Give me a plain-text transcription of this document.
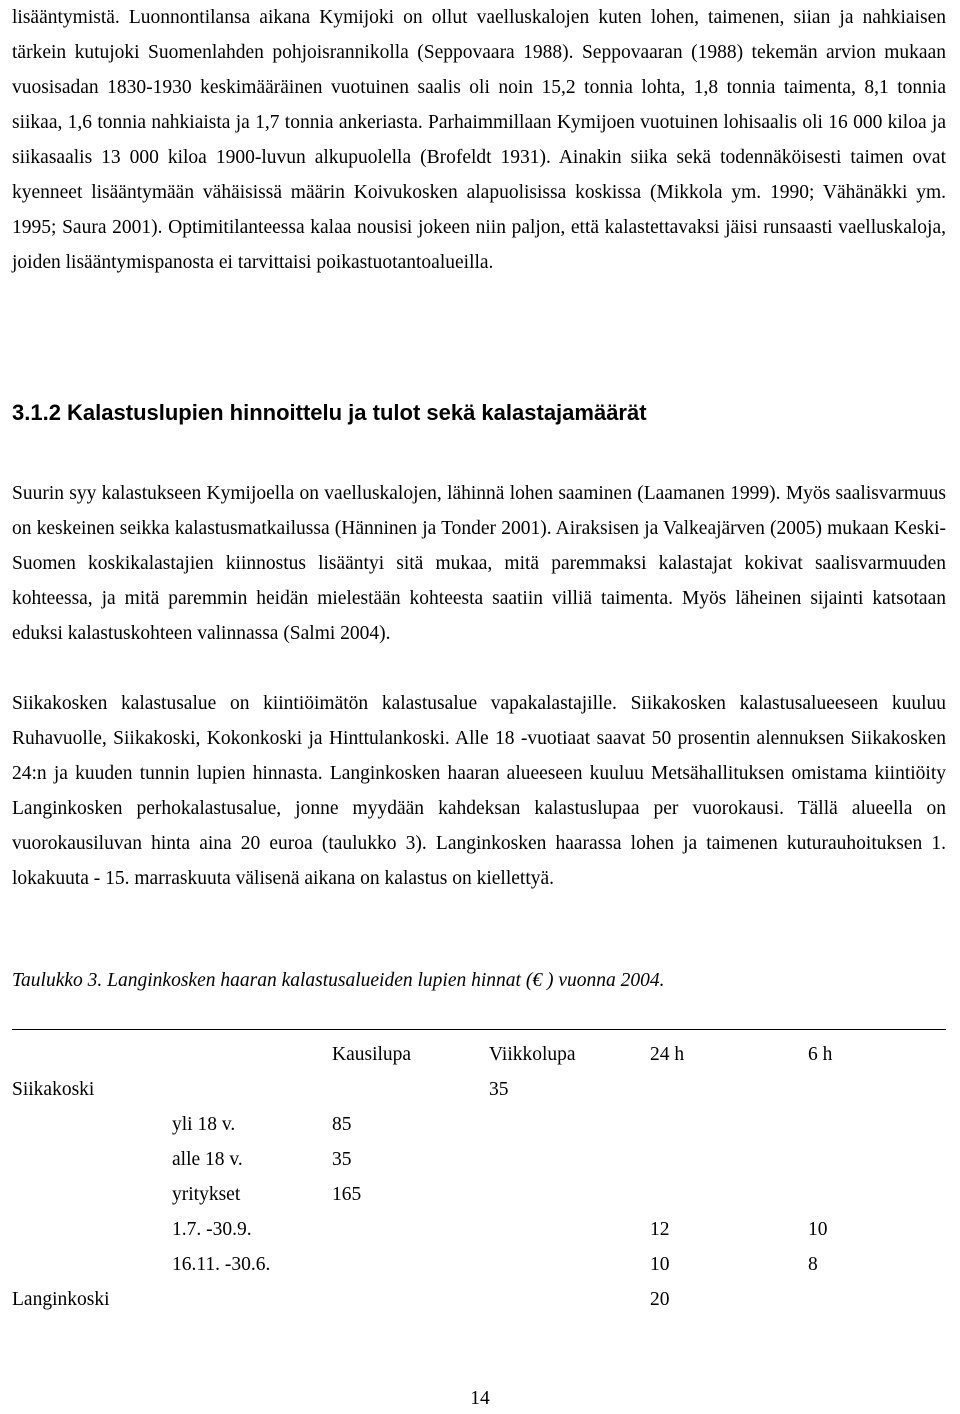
lisääntymistä. Luonnontilansa aikana Kymijoki on ollut vaelluskalojen kuten lohen, taimenen, siian ja nahkiaisen tärkein kutujoki Suomenlahden pohjoisrannikolla (Seppovaara 1988). Seppovaaran (1988) tekemän arvion mukaan vuosisadan 1830-1930 keskimääräinen vuotuinen saalis oli noin 15,2 tonnia lohta, 1,8 tonnia taimenta, 8,1 tonnia siikaa, 1,6 tonnia nahkiaista ja 1,7 tonnia ankeriasta. Parhaimmillaan Kymijoen vuotuinen lohisaalis oli 16 000 kiloa ja siikasaalis 13 000 kiloa 1900-luvun alkupuolella (Brofeldt 1931). Ainakin siika sekä todennäköisesti taimen ovat kyenneet lisääntymään vähäisissä määrin Koivukosken alapuolisissa koskissa (Mikkola ym. 1990; Vähänäkki ym. 1995; Saura 2001). Optimitilanteessa kalaa nousisi jokeen niin paljon, että kalastettavaksi jäisi runsaasti vaelluskaloja, joiden lisääntymispanosta ei tarvittaisi poikastuotantoalueilla.

3.1.2 Kalastuslupien hinnoittelu ja tulot sekä kalastajamäärät

Suurin syy kalastukseen Kymijoella on vaelluskalojen, lähinnä lohen saaminen (Laamanen 1999). Myös saalisvarmuus on keskeinen seikka kalastusmatkailussa (Hänninen ja Tonder 2001). Airaksisen ja Valkeajärven (2005) mukaan Keski-Suomen koskikalastajien kiinnostus lisääntyi sitä mukaa, mitä paremmaksi kalastajat kokivat saalisvarmuuden kohteessa, ja mitä paremmin heidän mielestään kohteesta saatiin villiä taimenta. Myös läheinen sijainti katsotaan eduksi kalastuskohteen valinnassa (Salmi 2004).

Siikakosken kalastusalue on kiintiöimätön kalastusalue vapakalastajille. Siikakosken kalastusalueeseen kuuluu Ruhavuolle, Siikakoski, Kokonkoski ja Hinttulankoski. Alle 18 -vuotiaat saavat 50 prosentin alennuksen Siikakosken 24:n ja kuuden tunnin lupien hinnasta. Langinkosken haaran alueeseen kuuluu Metsähallituksen omistama kiintiöity Langinkosken perhokalastusalue, jonne myydään kahdeksan kalastuslupaa per vuorokausi. Tällä alueella on vuorokausiluvan hinta aina 20 euroa (taulukko 3). Langinkosken haarassa lohen ja taimenen kuturauhoituksen 1. lokakuuta - 15. marraskuuta välisenä aikana on kalastus on kiellettyä.

Taulukko 3. Langinkosken haaran kalastusalueiden lupien hinnat (€ ) vuonna 2004.

		Kausilupa	Viikkolupa	24 h	6 h
Siikakoski			35		
	yli 18 v.	85			
	alle 18 v.	35			
	yritykset	165			
	1.7. -30.9.			12	10
	16.11. -30.6.			10	8
Langinkoski				20	

14
